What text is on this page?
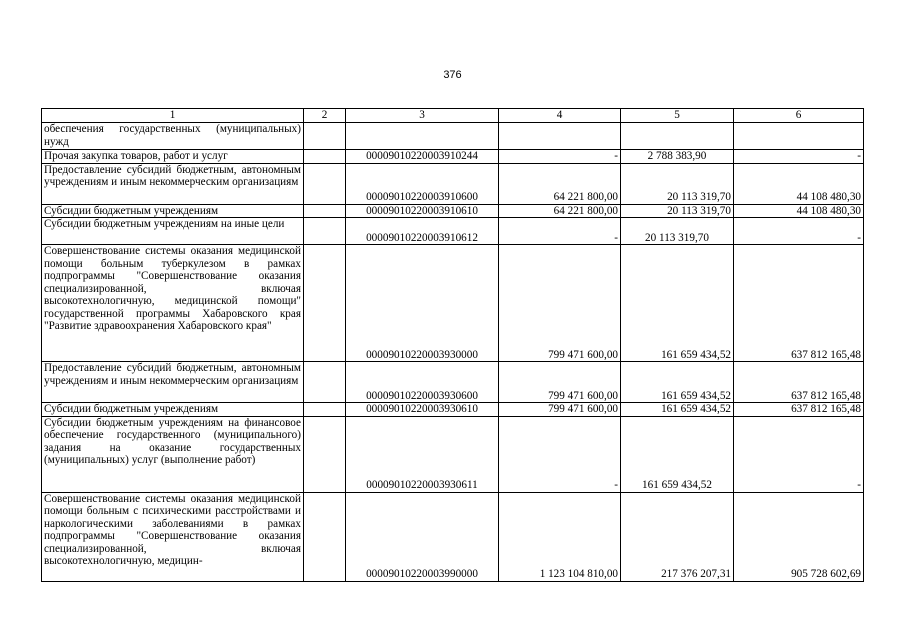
376
1	2	3	4	5	6
обеспечения государственных (муниципальных) нужд					
Прочая закупка товаров, работ и услуг		00009010220003910244	-	2 788 383,90	-
Предоставление субсидий бюджетным, автономным учреждениям и иным некоммерческим организациям		00009010220003910600	64 221 800,00	20 113 319,70	44 108 480,30
Субсидии бюджетным учреждениям		00009010220003910610	64 221 800,00	20 113 319,70	44 108 480,30
Субсидии бюджетным учреждениям на иные цели		00009010220003910612	-	20 113 319,70	-
Совершенствование системы оказания медицинской помощи больным туберкулезом в рамках подпрограммы "Совершенствование оказания специализированной, включая высокотехнологичную, медицинской помощи" государственной программы Хабаровского края "Развитие здравоохранения Хабаровского края"		00009010220003930000	799 471 600,00	161 659 434,52	637 812 165,48
Предоставление субсидий бюджетным, автономным учреждениям и иным некоммерческим организациям		00009010220003930600	799 471 600,00	161 659 434,52	637 812 165,48
Субсидии бюджетным учреждениям		00009010220003930610	799 471 600,00	161 659 434,52	637 812 165,48
Субсидии бюджетным учреждениям на финансовое обеспечение государственного (муниципального) задания на оказание государственных (муниципальных) услуг (выполнение работ)		00009010220003930611	-	161 659 434,52	-
Совершенствование системы оказания медицинской помощи больным с психическими расстройствами и наркологическими заболеваниями в рамках подпрограммы "Совершенствование оказания специализированной, включая высокотехнологичную, медицин-		00009010220003990000	1 123 104 810,00	217 376 207,31	905 728 602,69
